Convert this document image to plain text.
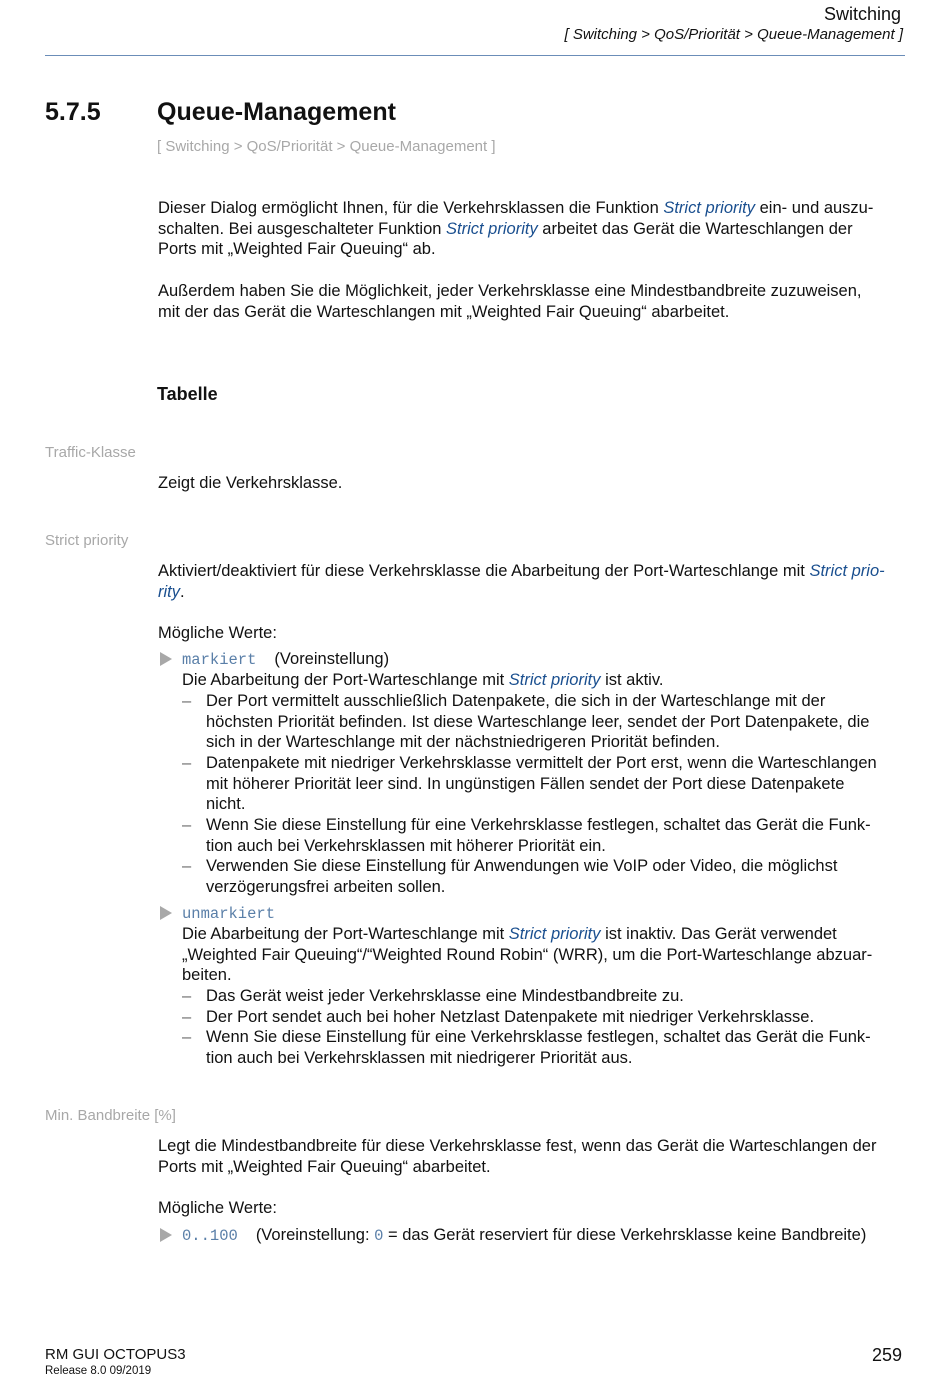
Switching
[ Switching > QoS/Priorität > Queue-Management ]
5.7.5 Queue-Management
[ Switching > QoS/Priorität > Queue-Management ]
Dieser Dialog ermöglicht Ihnen, für die Verkehrsklassen die Funktion Strict priority ein- und auszu-
schalten. Bei ausgeschalteter Funktion Strict priority arbeitet das Gerät die Warteschlangen der
Ports mit „Weighted Fair Queuing“ ab.
Außerdem haben Sie die Möglichkeit, jeder Verkehrsklasse eine Mindestbandbreite zuzuweisen,
mit der das Gerät die Warteschlangen mit „Weighted Fair Queuing“ abarbeitet.
Tabelle
Traffic-Klasse
Zeigt die Verkehrsklasse.
Strict priority
Aktiviert/deaktiviert für diese Verkehrsklasse die Abarbeitung der Port-Warteschlange mit Strict prio-
rity.
Mögliche Werte:
markiert (Voreinstellung)
Die Abarbeitung der Port-Warteschlange mit Strict priority ist aktiv.
– Der Port vermittelt ausschließlich Datenpakete, die sich in der Warteschlange mit der
höchsten Priorität befinden. Ist diese Warteschlange leer, sendet der Port Datenpakete, die
sich in der Warteschlange mit der nächstniedrigeren Priorität befinden.
– Datenpakete mit niedriger Verkehrsklasse vermittelt der Port erst, wenn die Warteschlangen
mit höherer Priorität leer sind. In ungünstigen Fällen sendet der Port diese Datenpakete
nicht.
– Wenn Sie diese Einstellung für eine Verkehrsklasse festlegen, schaltet das Gerät die Funk-
tion auch bei Verkehrsklassen mit höherer Priorität ein.
– Verwenden Sie diese Einstellung für Anwendungen wie VoIP oder Video, die möglichst
verzögerungsfrei arbeiten sollen.
unmarkiert
Die Abarbeitung der Port-Warteschlange mit Strict priority ist inaktiv. Das Gerät verwendet
„Weighted Fair Queuing“/“Weighted Round Robin“ (WRR), um die Port-Warteschlange abzuar-
beiten.
– Das Gerät weist jeder Verkehrsklasse eine Mindestbandbreite zu.
– Der Port sendet auch bei hoher Netzlast Datenpakete mit niedriger Verkehrsklasse.
– Wenn Sie diese Einstellung für eine Verkehrsklasse festlegen, schaltet das Gerät die Funk-
tion auch bei Verkehrsklassen mit niedrigerer Priorität aus.
Min. Bandbreite [%]
Legt die Mindestbandbreite für diese Verkehrsklasse fest, wenn das Gerät die Warteschlangen der
Ports mit „Weighted Fair Queuing“ abarbeitet.
Mögliche Werte:
0..100 (Voreinstellung: 0 = das Gerät reserviert für diese Verkehrsklasse keine Bandbreite)
RM GUI OCTOPUS3
Release 8.0 09/2019
259
